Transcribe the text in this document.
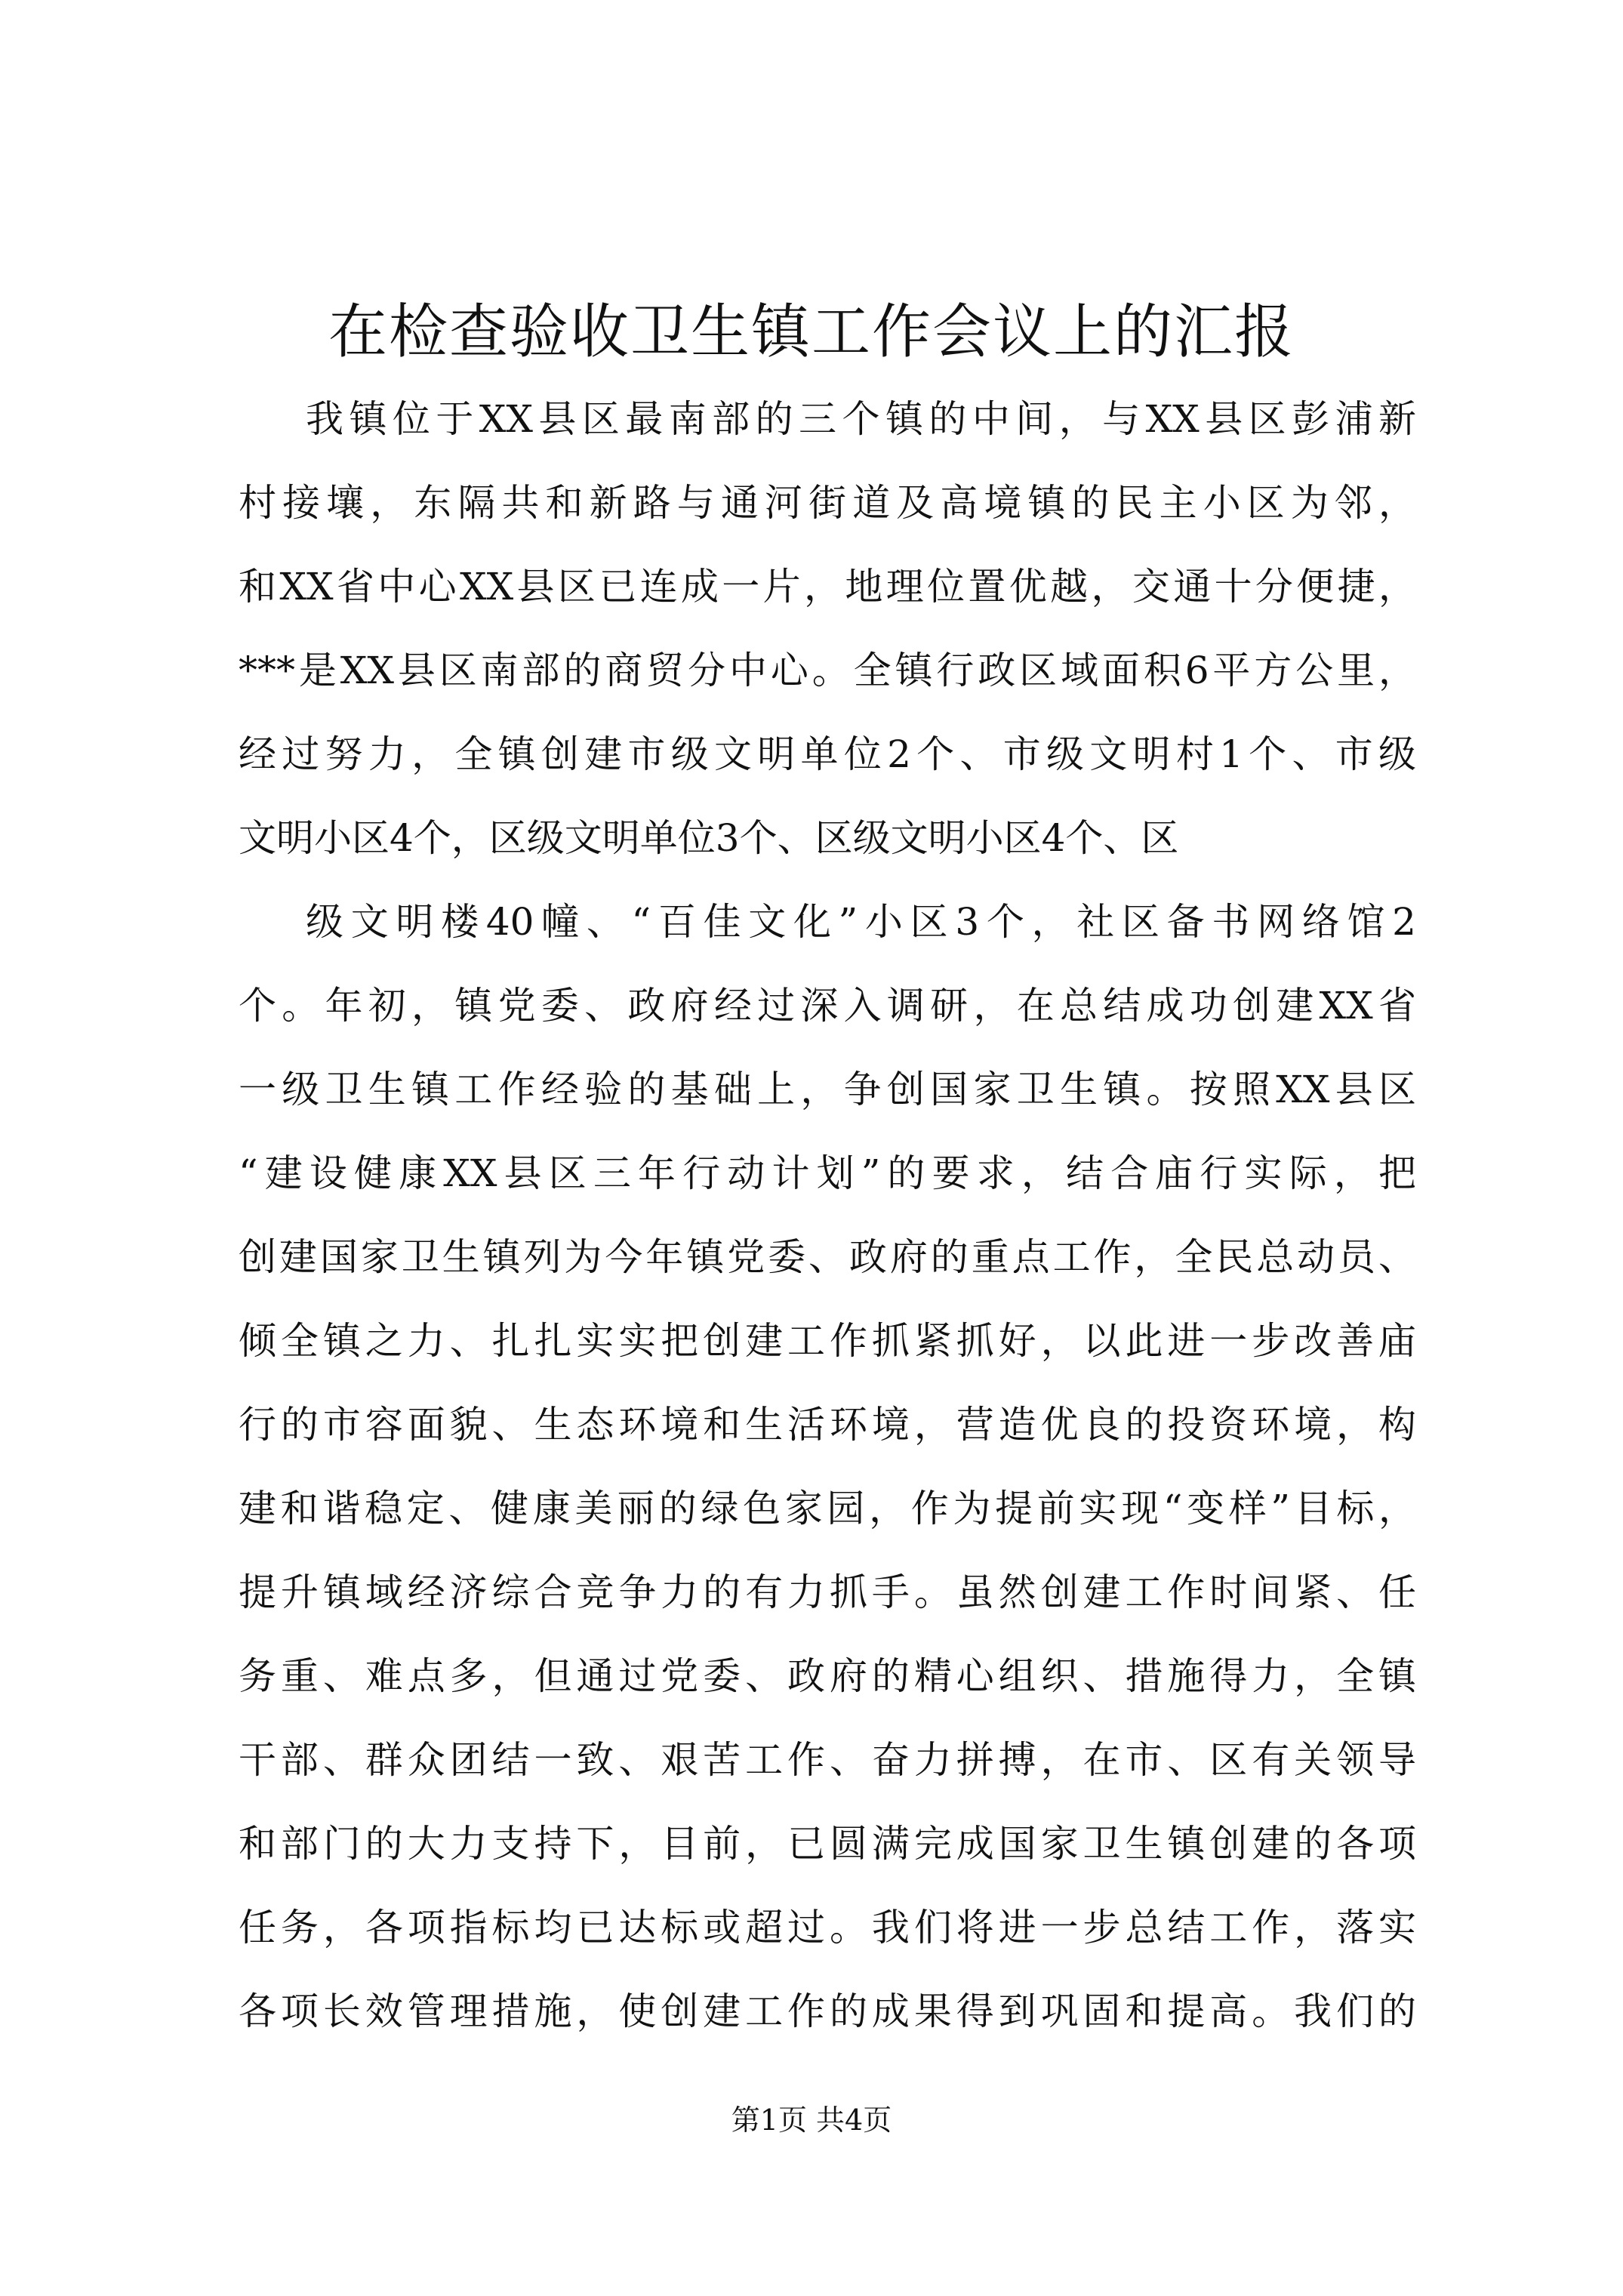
在检查验收卫生镇工作会议上的汇报
我镇位于XX县区最南部的三个镇的中间，与XX县区彭浦新
村接壤，东隔共和新路与通河街道及高境镇的民主小区为邻，
和XX省中心XX县区已连成一片，地理位置优越，交通十分便捷，
***是XX县区南部的商贸分中心。全镇行政区域面积6平方公里，
经过努力，全镇创建市级文明单位2个、市级文明村1个、市级
文明小区4个，区级文明单位3个、区级文明小区4个、区
级文明楼40幢、“百佳文化”小区3个，社区备书网络馆2
个。年初，镇党委、政府经过深入调研，在总结成功创建XX省
一级卫生镇工作经验的基础上，争创国家卫生镇。按照XX县区
“建设健康XX县区三年行动计划”的要求，结合庙行实际，把
创建国家卫生镇列为今年镇党委、政府的重点工作，全民总动员、
倾全镇之力、扎扎实实把创建工作抓紧抓好，以此进一步改善庙
行的市容面貌、生态环境和生活环境，营造优良的投资环境，构
建和谐稳定、健康美丽的绿色家园，作为提前实现“变样”目标，
提升镇域经济综合竞争力的有力抓手。虽然创建工作时间紧、任
务重、难点多，但通过党委、政府的精心组织、措施得力，全镇
干部、群众团结一致、艰苦工作、奋力拼搏，在市、区有关领导
和部门的大力支持下，目前，已圆满完成国家卫生镇创建的各项
任务，各项指标均已达标或超过。我们将进一步总结工作，落实
各项长效管理措施，使创建工作的成果得到巩固和提高。我们的
第1页 共4页
